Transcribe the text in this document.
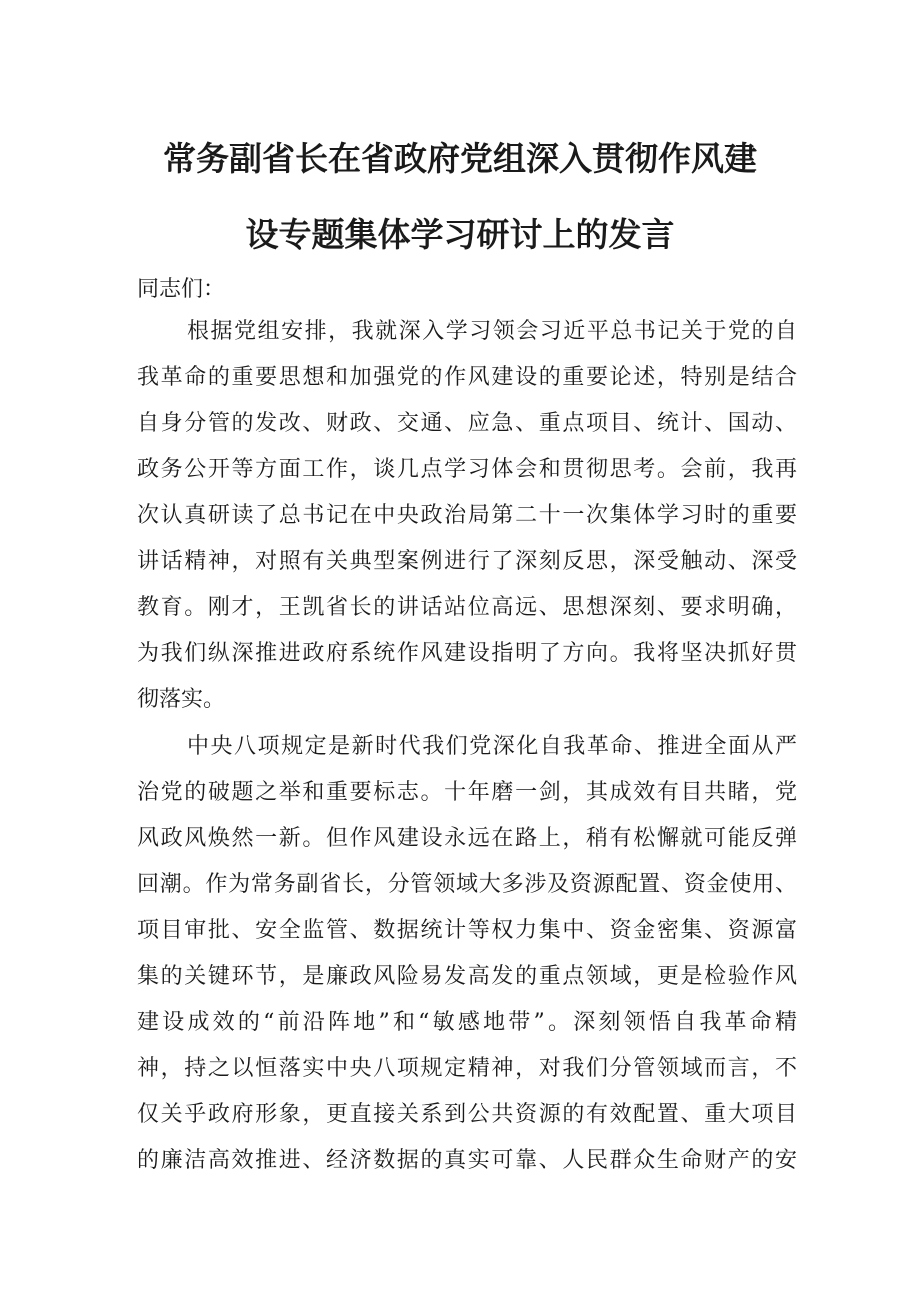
常务副省长在省政府党组深入贯彻作风建
设专题集体学习研讨上的发言
同志们：
根据党组安排，我就深入学习领会习近平总书记关于党的自
我革命的重要思想和加强党的作风建设的重要论述，特别是结合
自身分管的发改、财政、交通、应急、重点项目、统计、国动、
政务公开等方面工作，谈几点学习体会和贯彻思考。会前，我再
次认真研读了总书记在中央政治局第二十一次集体学习时的重要
讲话精神，对照有关典型案例进行了深刻反思，深受触动、深受
教育。刚才，王凯省长的讲话站位高远、思想深刻、要求明确，
为我们纵深推进政府系统作风建设指明了方向。我将坚决抓好贯
彻落实。
中央八项规定是新时代我们党深化自我革命、推进全面从严
治党的破题之举和重要标志。十年磨一剑，其成效有目共睹，党
风政风焕然一新。但作风建设永远在路上，稍有松懈就可能反弹
回潮。作为常务副省长，分管领域大多涉及资源配置、资金使用、
项目审批、安全监管、数据统计等权力集中、资金密集、资源富
集的关键环节，是廉政风险易发高发的重点领域，更是检验作风
建设成效的“前沿阵地”和“敏感地带”。深刻领悟自我革命精
神，持之以恒落实中央八项规定精神，对我们分管领域而言，不
仅关乎政府形象，更直接关系到公共资源的有效配置、重大项目
的廉洁高效推进、经济数据的真实可靠、人民群众生命财产的安
